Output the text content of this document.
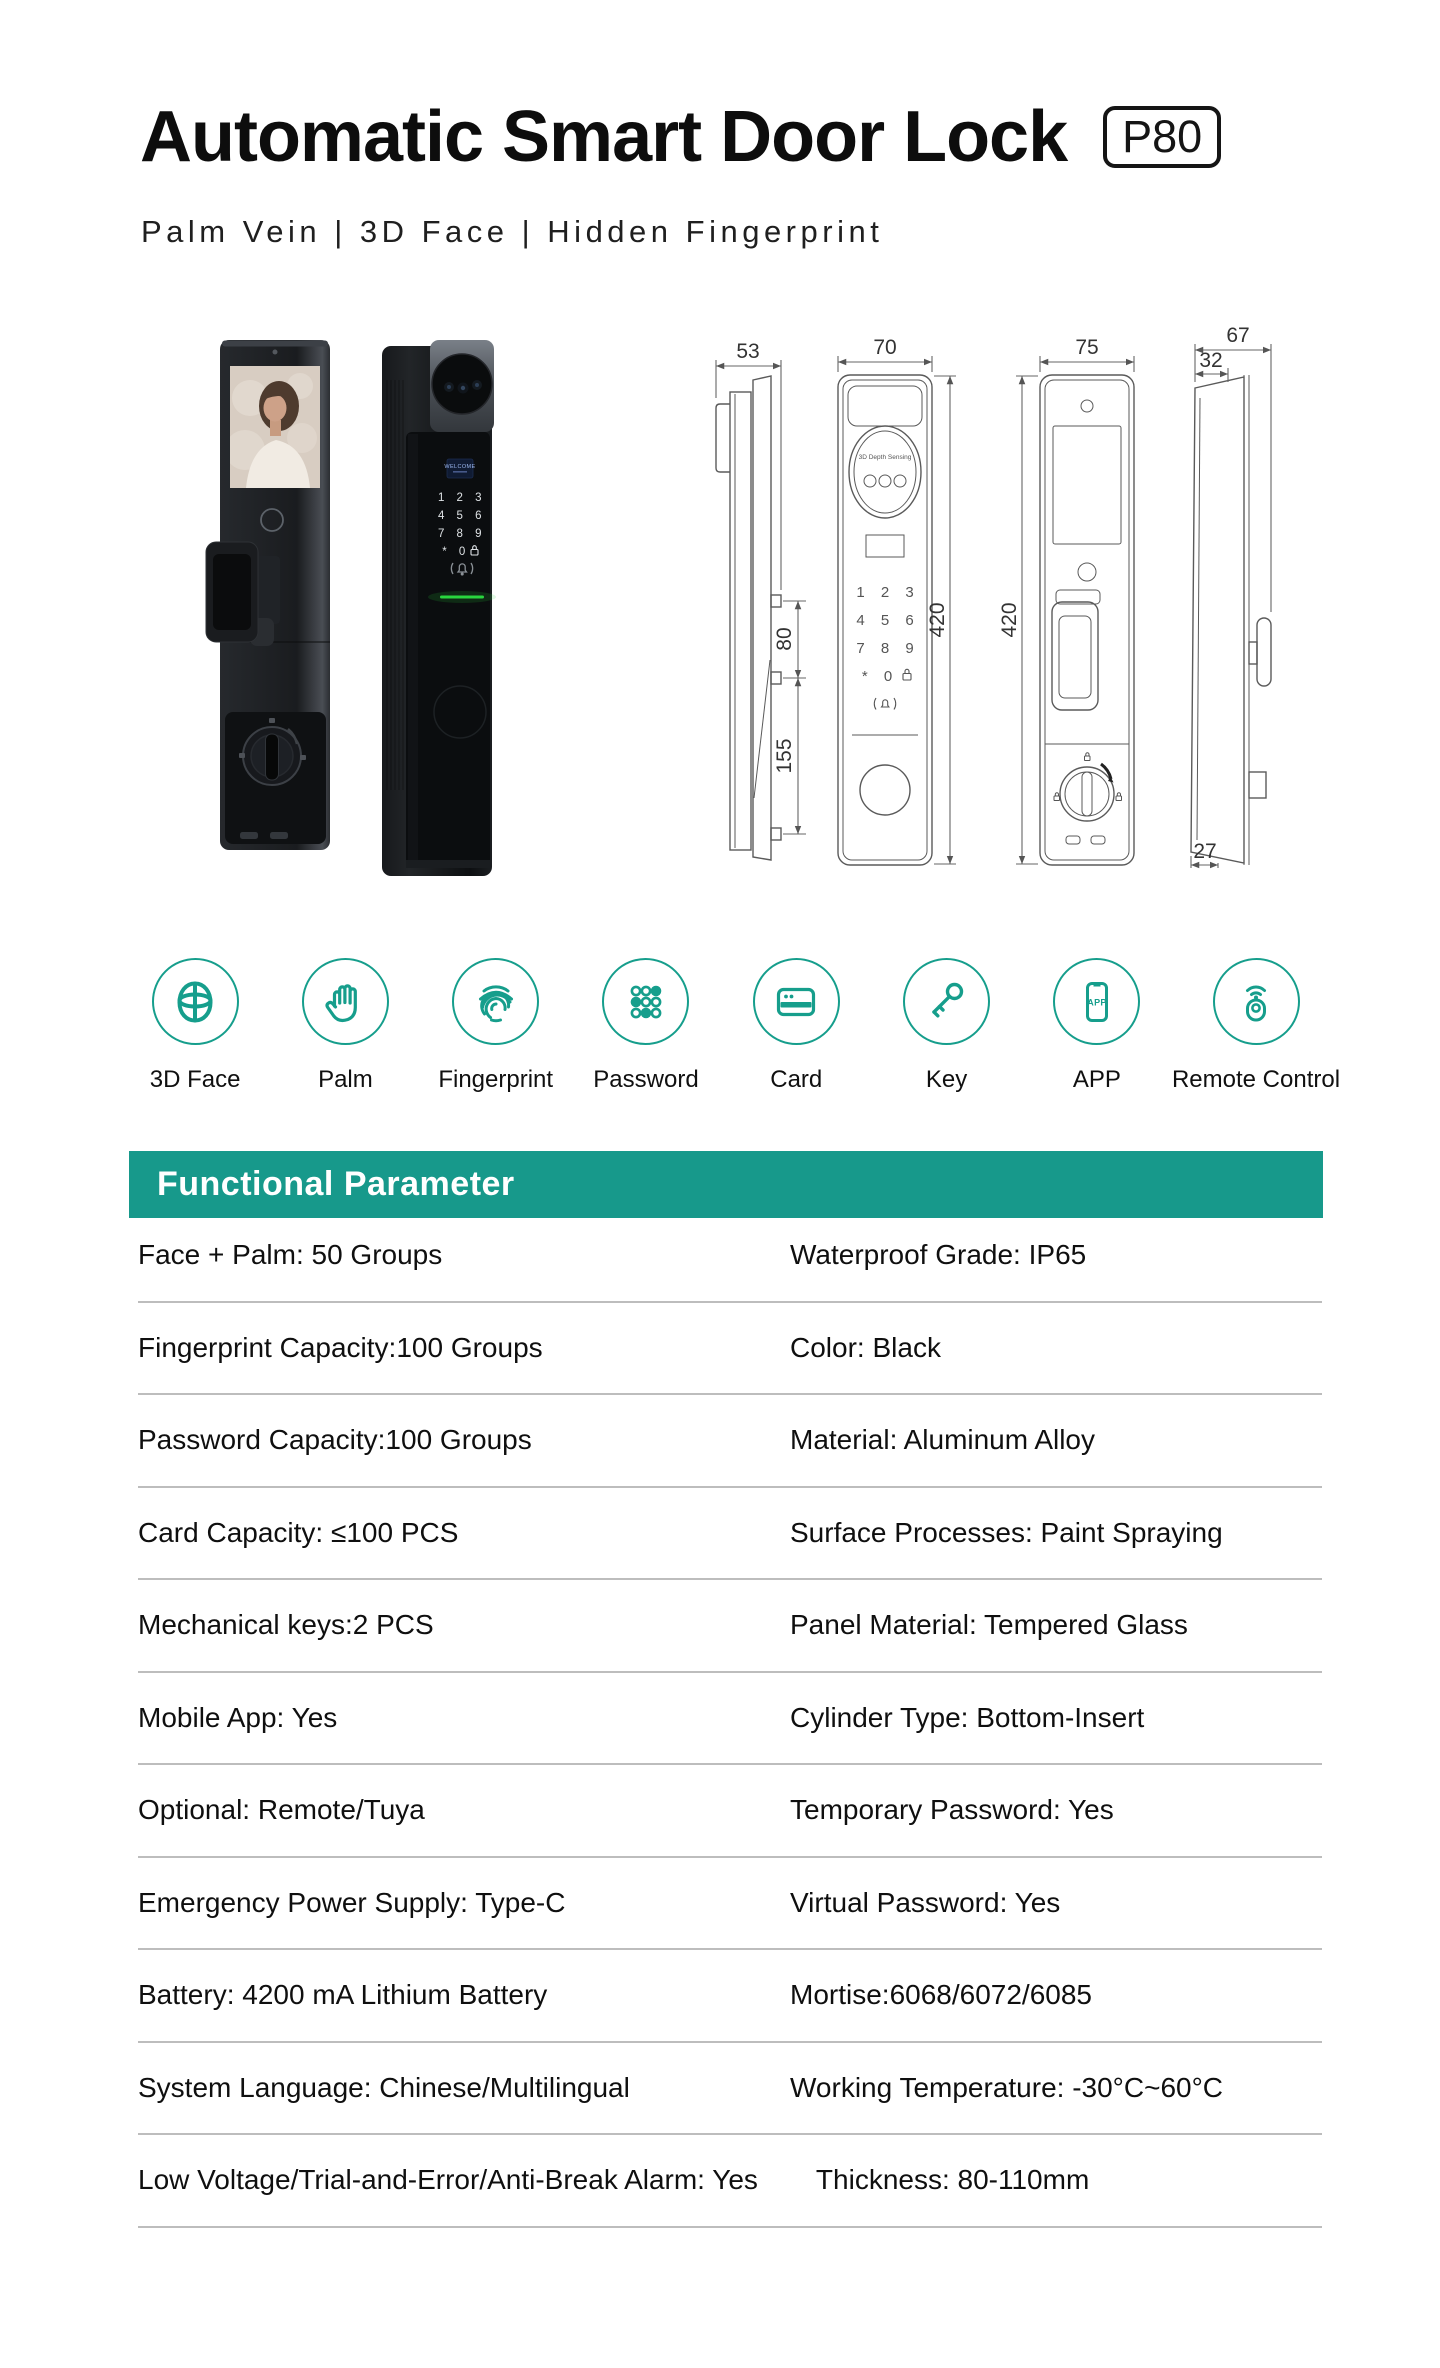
Automatic Smart Door Lock	P80
Palm Vein | 3D Face | Hidden Fingerprint
WELCOME
1 2 3
4 5 6
7 8 9
* 0
53
80
155
3D Depth Sensing
1 2 3
4 5 6
7 8 9
* 0
70
420
75
420
67
32
27
3D Face	Palm	Fingerprint Password	Card	Key
APP
APP Remote Control
Functional Parameter
Face + Palm: 50 Groups	Waterproof Grade: IP65
Fingerprint Capacity:100 Groups	Color: Black
Password Capacity:100 Groups	Material: Aluminum Alloy
Card Capacity: ≤100 PCS	Surface Processes: Paint Spraying
Mechanical keys:2 PCS	Panel Material: Tempered Glass
Mobile App: Yes	Cylinder Type: Bottom-Insert
Optional: Remote/Tuya	Temporary Password: Yes
Emergency Power Supply: Type-C	Virtual Password: Yes
Battery: 4200 mA Lithium Battery	Mortise:6068/6072/6085
System Language: Chinese/Multilingual	Working Temperature: -30°C~60°C
Low Voltage/Trial-and-Error/Anti-Break Alarm: Yes	Thickness: 80-110mm
